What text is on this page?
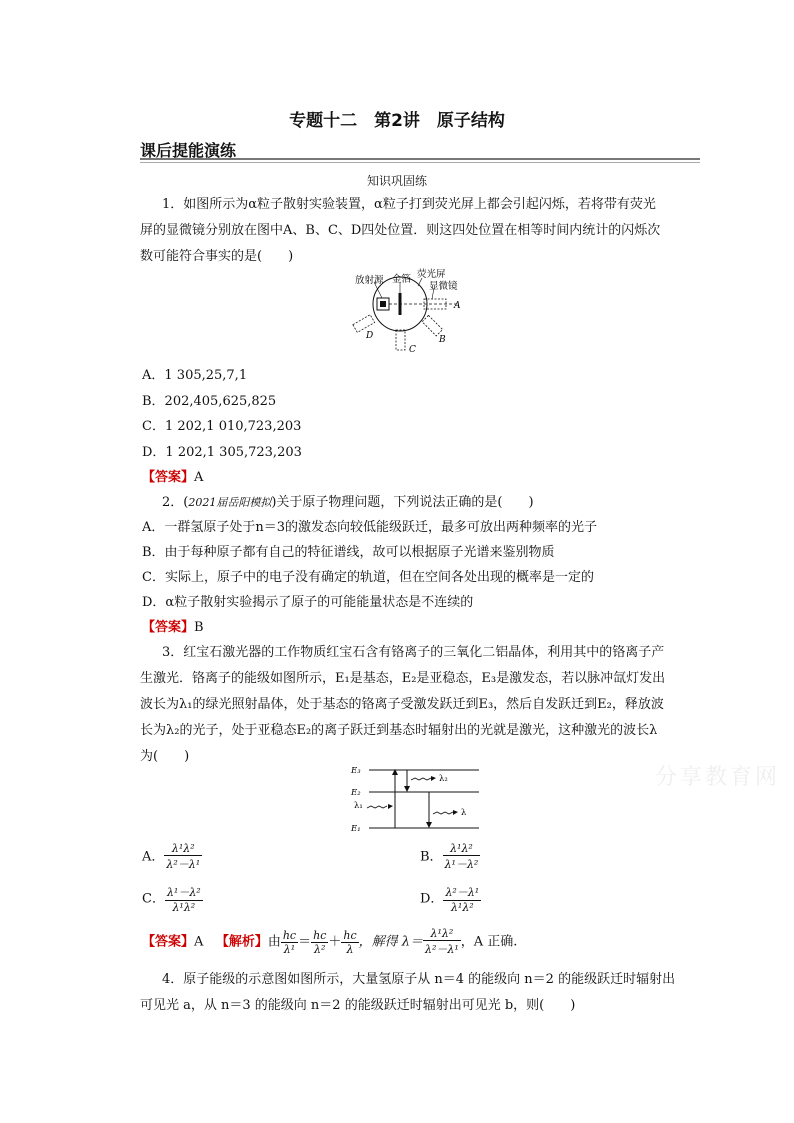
专题十二　第2讲　原子结构
课后提能演练
知识巩固练
1．如图所示为α粒子散射实验装置，α粒子打到荧光屏上都会引起闪烁，若将带有荧光
屏的显微镜分别放在图中A、B、C、D四处位置．则这四处位置在相等时间内统计的闪烁次
数可能符合事实的是(　　)
放射源 金箔 荧光屏
显微镜
A
B
C
D
A．1 305,25,7,1
B．202,405,625,825
C．1 202,1 010,723,203
D．1 202,1 305,723,203
【答案】A
2．(2021届岳阳模拟)关于原子物理问题，下列说法正确的是(　　)
A．一群氢原子处于n＝3的激发态向较低能级跃迁，最多可放出两种频率的光子
B．由于每种原子都有自己的特征谱线，故可以根据原子光谱来鉴别物质
C．实际上，原子中的电子没有确定的轨道，但在空间各处出现的概率是一定的
D．α粒子散射实验揭示了原子的可能能量状态是不连续的
【答案】B
3．红宝石激光器的工作物质红宝石含有铬离子的三氧化二铝晶体，利用其中的铬离子产
生激光．铬离子的能级如图所示，E₁是基态，E₂是亚稳态，E₃是激发态，若以脉冲氙灯发出
波长为λ₁的绿光照射晶体，处于基态的铬离子受激发跃迁到E₃，然后自发跃迁到E₂，释放波
长为λ₂的光子，处于亚稳态E₂的离子跃迁到基态时辐射出的光就是激光，这种激光的波长λ
为(　　)
E₃
E₂
E₁
λ₁
λ₂
λ
A． $\frac{\text{λ¹λ²}}{\text{λ²－λ¹}}$	B． $\frac{\text{λ¹λ²}}{\text{λ¹－λ²}}$
C． $\frac{\text{λ¹－λ²}}{\text{λ¹λ²}}$	D． $\frac{\text{λ²－λ¹}}{\text{λ¹λ²}}$
【答案】A 【解析】由 $\frac{hc}{\text{λ¹}} = \frac{hc}{\text{λ²}} + \frac{hc}{\lambda}$ ，解得 $\lambda= \frac{\text{λ¹λ²}}{\text{λ²－λ¹}}$ ，A 正确.
4．原子能级的示意图如图所示，大量氢原子从 n＝4 的能级向 n＝2 的能级跃迁时辐射出
可见光 a，从 n＝3 的能级向 n＝2 的能级跃迁时辐射出可见光 b，则(　　)
分享教育网
